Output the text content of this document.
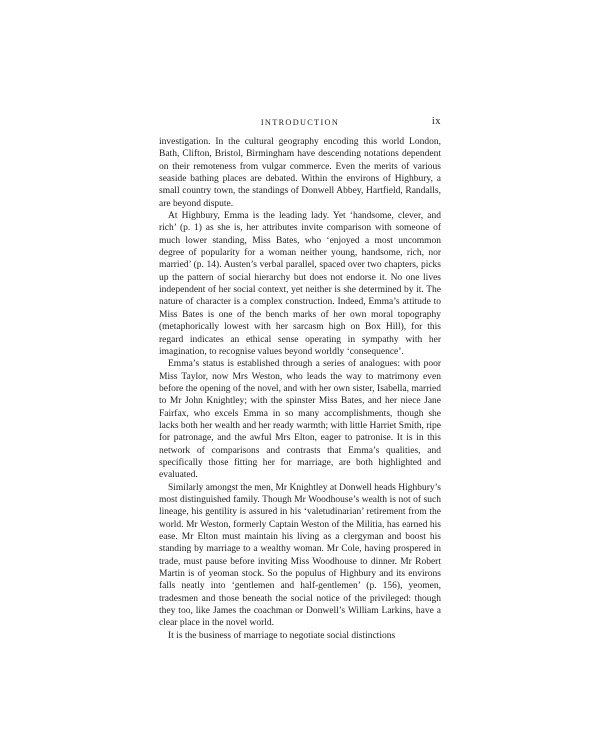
INTRODUCTION	ix

investigation. In the cultural geography encoding this world London, Bath, Clifton, Bristol, Birmingham have descending notations dependent on their remoteness from vulgar commerce. Even the merits of various seaside bathing places are debated. Within the environs of Highbury, a small country town, the standings of Donwell Abbey, Hartfield, Randalls, are beyond dispute.

At Highbury, Emma is the leading lady. Yet ‘handsome, clever, and rich’ (p. 1) as she is, her attributes invite comparison with someone of much lower standing, Miss Bates, who ‘enjoyed a most uncommon degree of popularity for a woman neither young, handsome, rich, nor married’ (p. 14). Austen’s verbal parallel, spaced over two chapters, picks up the pattern of social hierarchy but does not endorse it. No one lives independent of her social context, yet neither is she determined by it. The nature of character is a complex construction. Indeed, Emma’s attitude to Miss Bates is one of the bench marks of her own moral topography (metaphorically lowest with her sarcasm high on Box Hill), for this regard indicates an ethical sense operating in sympathy with her imagination, to recognise values beyond worldly ‘consequence’.

Emma’s status is established through a series of analogues: with poor Miss Taylor, now Mrs Weston, who leads the way to matrimony even before the opening of the novel, and with her own sister, Isabella, married to Mr John Knightley; with the spinster Miss Bates, and her niece Jane Fairfax, who excels Emma in so many accomplishments, though she lacks both her wealth and her ready warmth; with little Harriet Smith, ripe for patronage, and the awful Mrs Elton, eager to patronise. It is in this network of comparisons and contrasts that Emma’s qualities, and specifically those fitting her for marriage, are both highlighted and evaluated.

Similarly amongst the men, Mr Knightley at Donwell heads Highbury’s most distinguished family. Though Mr Woodhouse’s wealth is not of such lineage, his gentility is assured in his ‘valetudinarian’ retirement from the world. Mr Weston, formerly Captain Weston of the Militia, has earned his ease. Mr Elton must maintain his living as a clergyman and boost his standing by marriage to a wealthy woman. Mr Cole, having prospered in trade, must pause before inviting Miss Woodhouse to dinner. Mr Robert Martin is of yeoman stock. So the populus of Highbury and its environs falls neatly into ‘gentlemen and half-gentlemen’ (p. 156), yeomen, tradesmen and those beneath the social notice of the privileged: though they too, like James the coachman or Donwell’s William Larkins, have a clear place in the novel world.

It is the business of marriage to negotiate social distinctions
